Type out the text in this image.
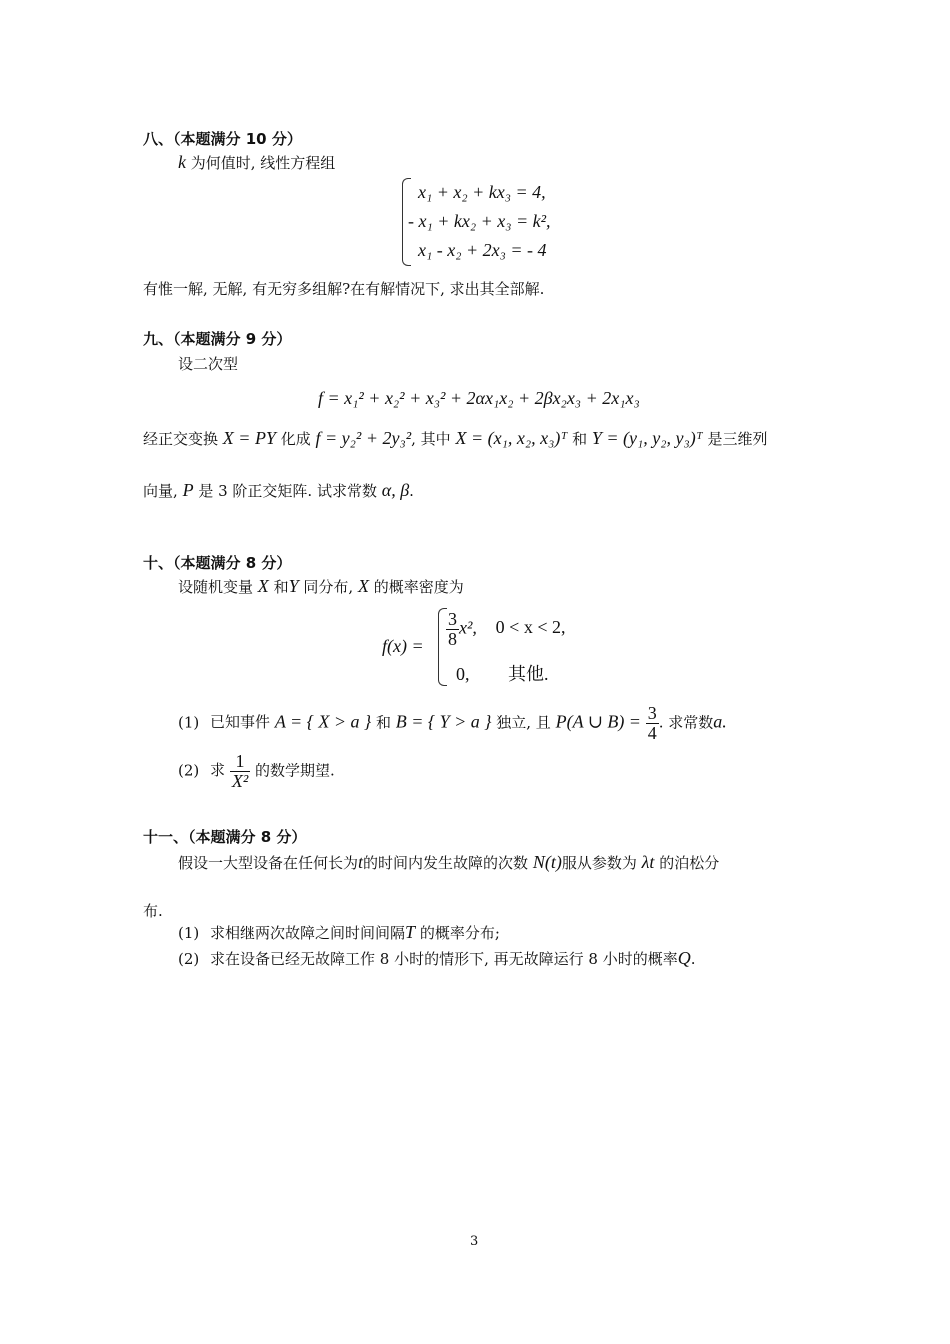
八、（本题满分 10 分）
k 为何值时, 线性方程组
x₁ + x₂ + kx₃ = 4,
- x₁ + kx₂ + x₃ = k²,
x₁ - x₂ + 2x₃ = - 4
有惟一解, 无解, 有无穷多组解?在有解情况下, 求出其全部解.
九、（本题满分 9 分）
设二次型
f = x₁² + x₂² + x₃² + 2αx₁x₂ + 2βx₂x₃ + 2x₁x₃
经正交变换 X = PY 化成 f = y₂² + 2y₃², 其中 X = (x₁, x₂, x₃)ᵀ 和 Y = (y₁, y₂, y₃)ᵀ 是三维列
向量, P 是 3 阶正交矩阵. 试求常数 α, β.
十、（本题满分 8 分）
设随机变量 X 和Y 同分布, X 的概率密度为
$f(x) = \frac{3}{8} x^2$, 0 < x < 2,
0, 其他.
(1) 已知事件 A = { X > a } 和 B = { Y > a } 独立, 且 P(A ∪ $B) = \frac{3}{4}$ . 求常数a.
(2) 求 $\frac{1}{\text{X²}}$ 的数学期望.
十一、（本题满分 8 分）
假设一大型设备在任何长为t的时间内发生故障的次数 N(t)服从参数为 λt 的泊松分
布.
(1) 求相继两次故障之间时间间隔T 的概率分布;
(2) 求在设备已经无故障工作 8 小时的情形下, 再无故障运行 8 小时的概率Q.
3
